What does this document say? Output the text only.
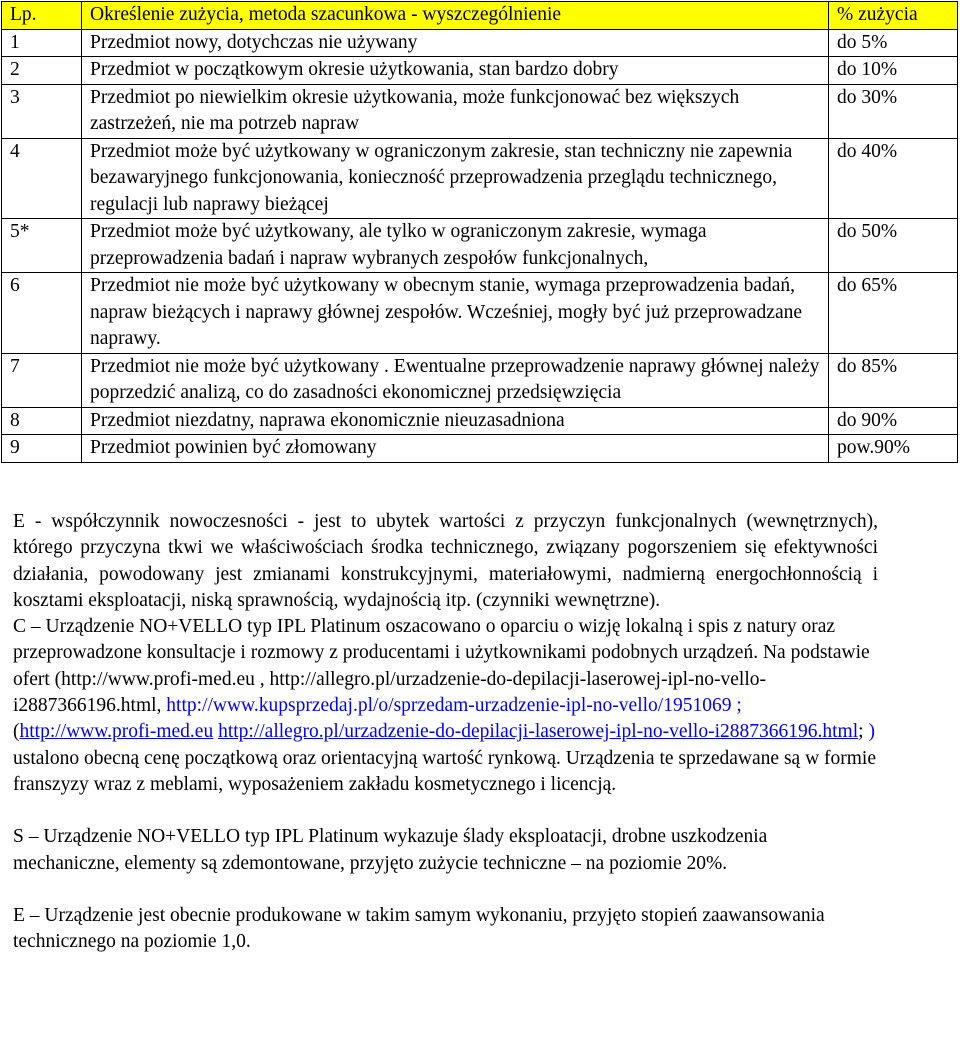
Lp.	Określenie zużycia, metoda szacunkowa - wyszczególnienie	% zużycia
1	Przedmiot nowy, dotychczas nie używany	do 5%
2	Przedmiot w początkowym okresie użytkowania, stan bardzo dobry	do 10%
3	Przedmiot po niewielkim okresie użytkowania, może funkcjonować bez większych zastrzeżeń, nie ma potrzeb napraw	do 30%
4	Przedmiot może być użytkowany w ograniczonym zakresie, stan techniczny nie zapewnia bezawaryjnego funkcjonowania, konieczność przeprowadzenia przeglądu technicznego, regulacji lub naprawy bieżącej	do 40%
5*	Przedmiot może być użytkowany, ale tylko w ograniczonym zakresie, wymaga przeprowadzenia badań i napraw wybranych zespołów funkcjonalnych,	do 50%
6	Przedmiot nie może być użytkowany w obecnym stanie, wymaga przeprowadzenia badań, napraw bieżących i naprawy głównej zespołów. Wcześniej, mogły być już przeprowadzane naprawy.	do 65%
7	Przedmiot nie może być użytkowany . Ewentualne przeprowadzenie naprawy głównej należy poprzedzić analizą, co do zasadności ekonomicznej przedsięwzięcia	do 85%
8	Przedmiot niezdatny, naprawa ekonomicznie nieuzasadniona	do 90%
9	Przedmiot powinien być złomowany	pow.90%

E - współczynnik nowoczesności - jest to ubytek wartości z przyczyn funkcjonalnych (wewnętrznych), którego przyczyna tkwi we właściwościach środka technicznego, związany pogorszeniem się efektywności działania, powodowany jest zmianami konstrukcyjnymi, materiałowymi, nadmierną energochłonnością i kosztami eksploatacji, niską sprawnością, wydajnością itp. (czynniki wewnętrzne).

C – Urządzenie NO+VELLO typ IPL Platinum oszacowano o oparciu o wizję lokalną i spis z natury oraz przeprowadzone konsultacje i rozmowy z producentami i użytkownikami podobnych urządzeń. Na podstawie ofert (http://www.profi-med.eu , http://allegro.pl/urzadzenie-do-depilacji-laserowej-ipl-no-vello-i2887366196.html, http://www.kupsprzedaj.pl/o/sprzedam-urzadzenie-ipl-no-vello/1951069 ; (http://www.profi-med.eu http://allegro.pl/urzadzenie-do-depilacji-laserowej-ipl-no-vello-i2887366196.html; )
ustalono obecną cenę początkową oraz orientacyjną wartość rynkową. Urządzenia te sprzedawane są w formie franszyzy wraz z meblami, wyposażeniem zakładu kosmetycznego i licencją.

S – Urządzenie NO+VELLO typ IPL Platinum wykazuje ślady eksploatacji, drobne uszkodzenia mechaniczne, elementy są zdemontowane, przyjęto zużycie techniczne – na poziomie 20%.

E – Urządzenie jest obecnie produkowane w takim samym wykonaniu, przyjęto stopień zaawansowania technicznego na poziomie 1,0.
